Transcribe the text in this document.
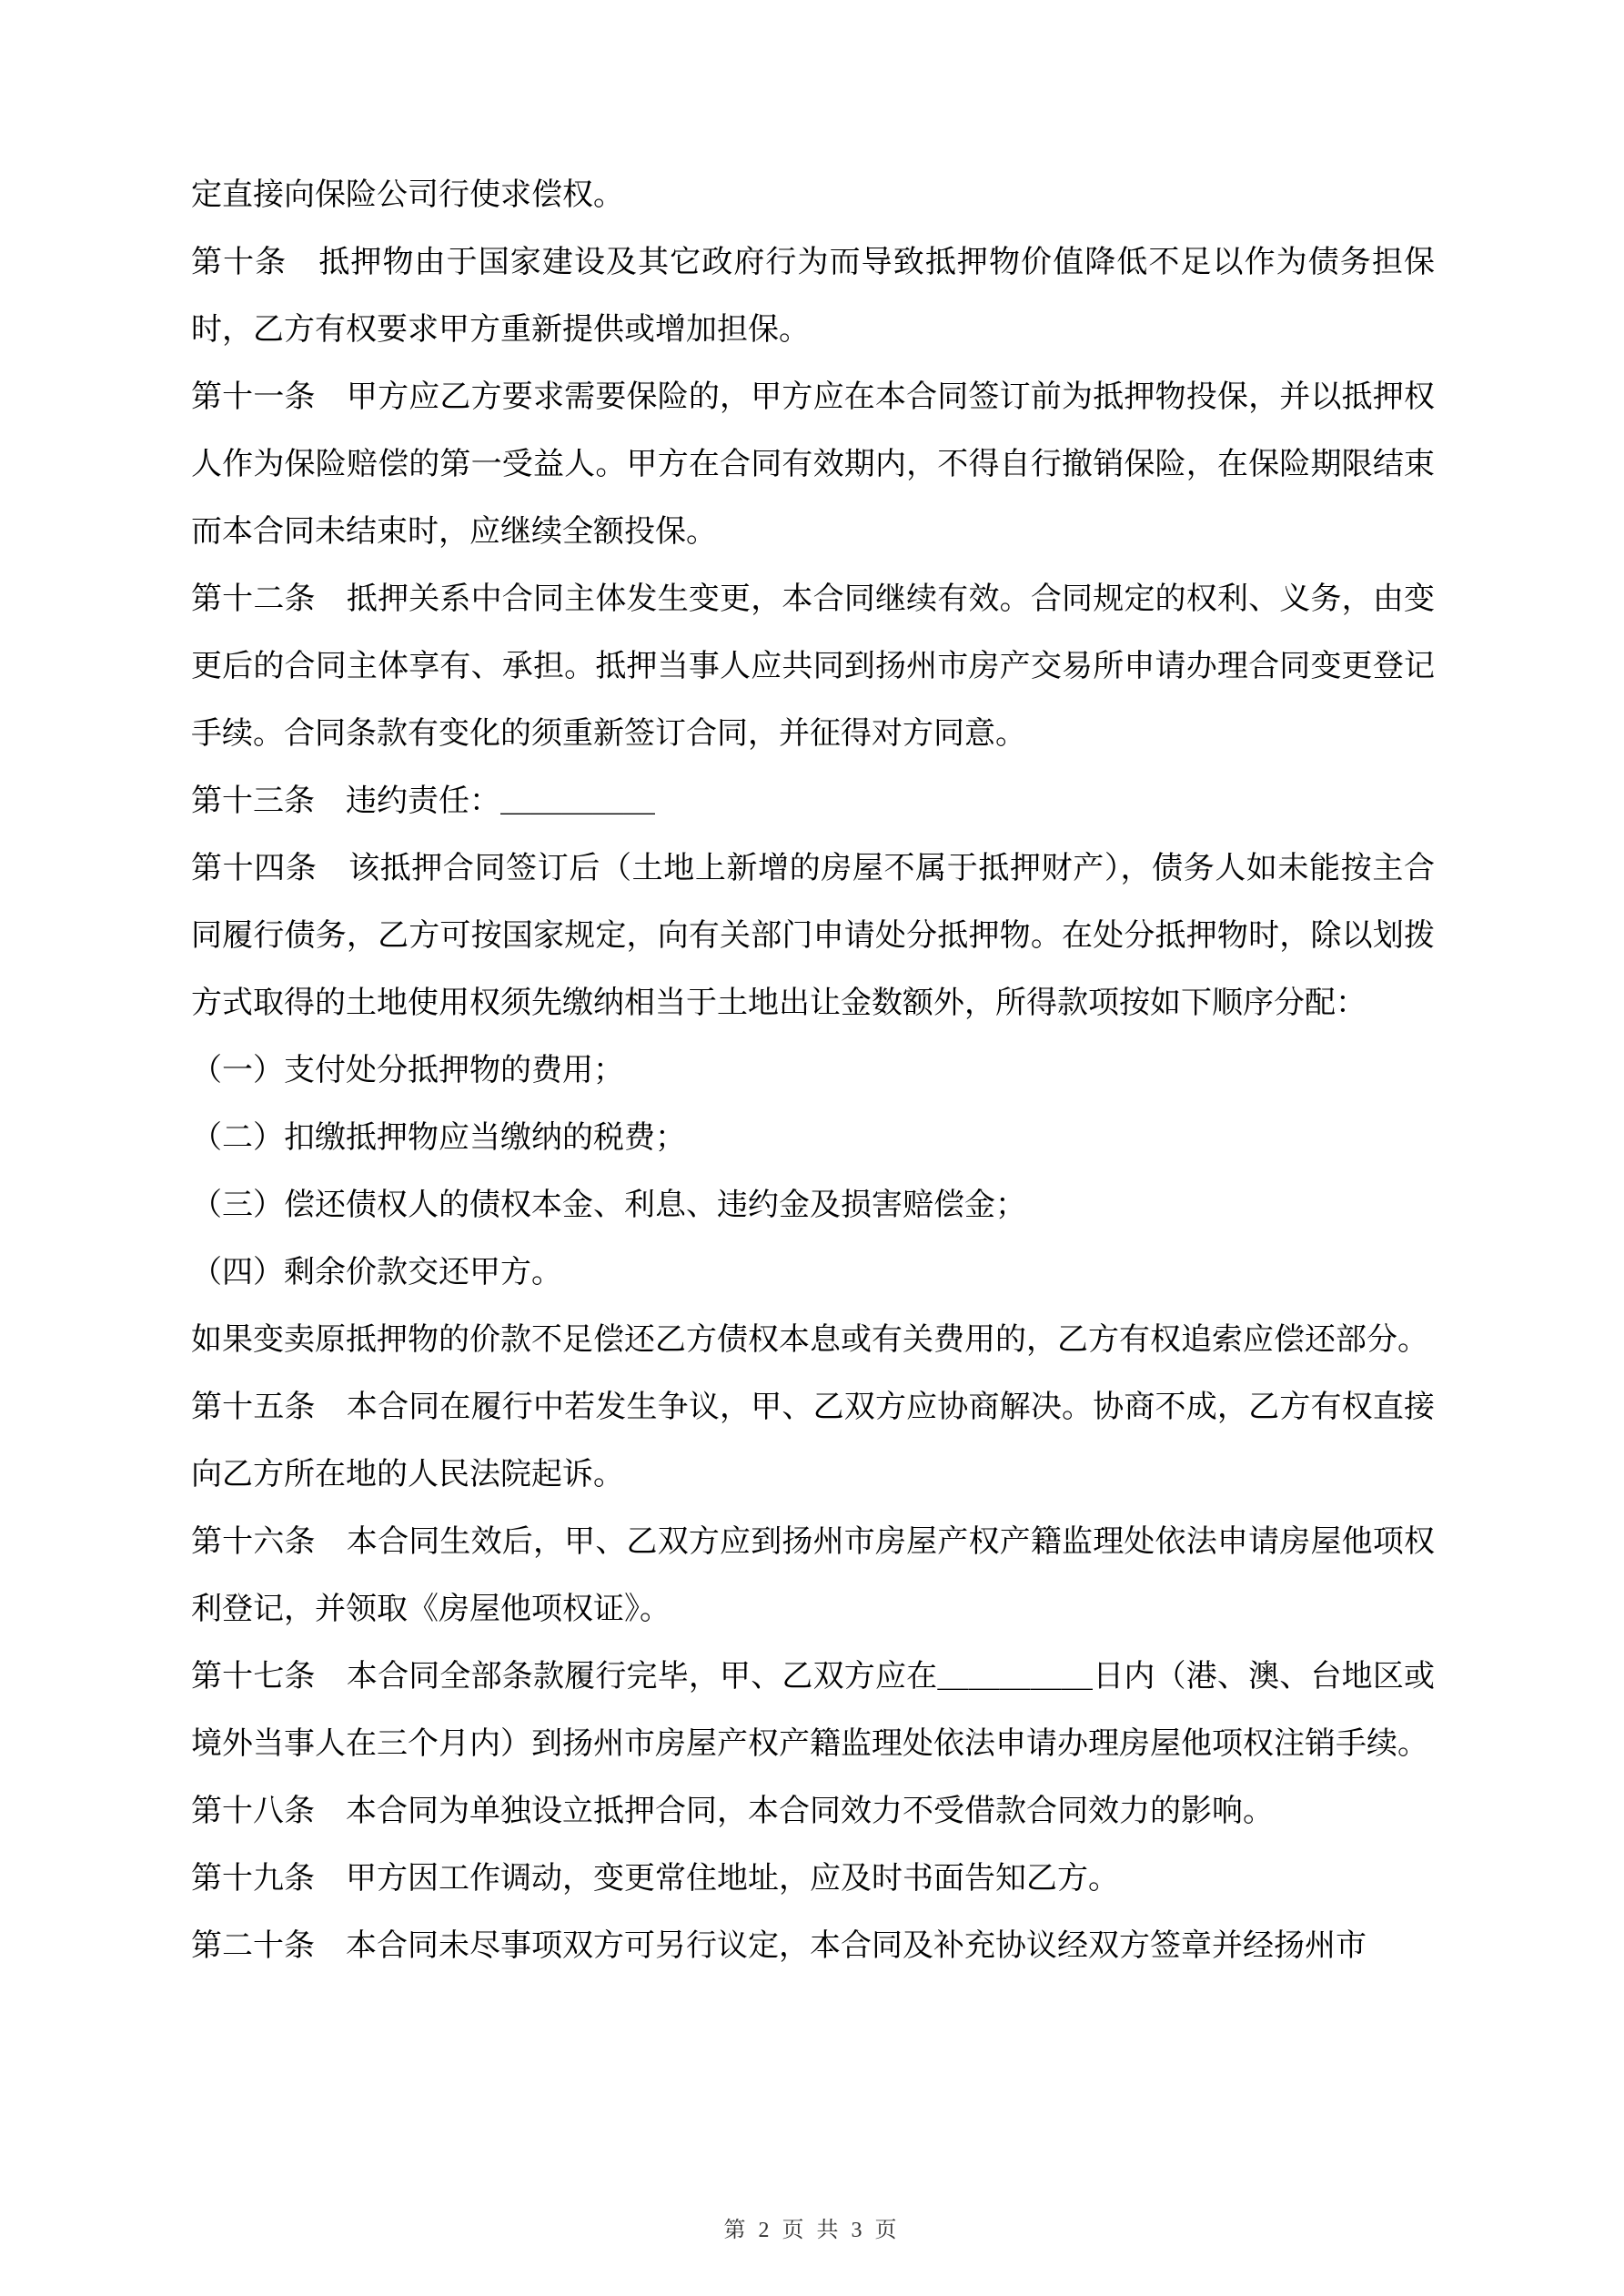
定直接向保险公司行使求偿权。

第十条　抵押物由于国家建设及其它政府行为而导致抵押物价值降低不足以作为债务担保时，乙方有权要求甲方重新提供或增加担保。

第十一条　甲方应乙方要求需要保险的，甲方应在本合同签订前为抵押物投保，并以抵押权人作为保险赔偿的第一受益人。甲方在合同有效期内，不得自行撤销保险，在保险期限结束而本合同未结束时，应继续全额投保。

第十二条　抵押关系中合同主体发生变更，本合同继续有效。合同规定的权利、义务，由变更后的合同主体享有、承担。抵押当事人应共同到扬州市房产交易所申请办理合同变更登记手续。合同条款有变化的须重新签订合同，并征得对方同意。

第十三条　违约责任：＿＿＿＿＿

第十四条　该抵押合同签订后（土地上新增的房屋不属于抵押财产），债务人如未能按主合同履行债务，乙方可按国家规定，向有关部门申请处分抵押物。在处分抵押物时，除以划拨方式取得的土地使用权须先缴纳相当于土地出让金数额外，所得款项按如下顺序分配：

（一）支付处分抵押物的费用；

（二）扣缴抵押物应当缴纳的税费；

（三）偿还债权人的债权本金、利息、违约金及损害赔偿金；

（四）剩余价款交还甲方。

如果变卖原抵押物的价款不足偿还乙方债权本息或有关费用的，乙方有权追索应偿还部分。

第十五条　本合同在履行中若发生争议，甲、乙双方应协商解决。协商不成，乙方有权直接向乙方所在地的人民法院起诉。

第十六条　本合同生效后，甲、乙双方应到扬州市房屋产权产籍监理处依法申请房屋他项权利登记，并领取《房屋他项权证》。

第十七条　本合同全部条款履行完毕，甲、乙双方应在＿＿＿＿＿日内（港、澳、台地区或境外当事人在三个月内）到扬州市房屋产权产籍监理处依法申请办理房屋他项权注销手续。

第十八条　本合同为单独设立抵押合同，本合同效力不受借款合同效力的影响。

第十九条　甲方因工作调动，变更常住地址，应及时书面告知乙方。

第二十条　本合同未尽事项双方可另行议定，本合同及补充协议经双方签章并经扬州市

第 2 页 共 3 页
